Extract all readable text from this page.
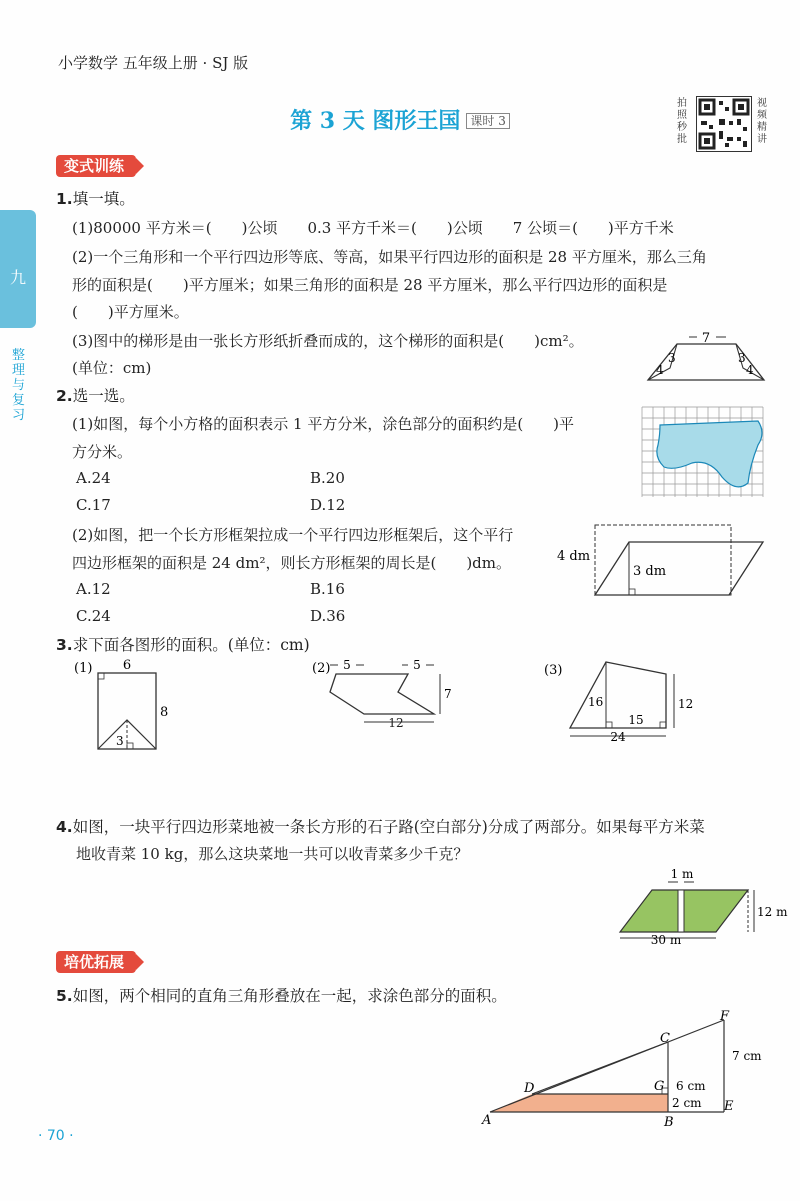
小学数学 五年级上册 · SJ 版
第 3 天 图形王国 $^{课时 3}$
拍照秒批
视频精讲
九
整理与复习
变式训练
1.填一填。
(1)80000 平方米＝(　　)公顷　　0.3 平方千米＝(　　)公顷　　7 公顷＝(　　)平方千米
(2)一个三角形和一个平行四边形等底、等高，如果平行四边形的面积是 28 平方厘米，那么三角
形的面积是(　　)平方厘米；如果三角形的面积是 28 平方厘米，那么平行四边形的面积是
(　　)平方厘米。
(3)图中的梯形是由一张长方形纸折叠而成的，这个梯形的面积是(　　)cm²。
(单位：cm)
7
4
3	3
4
2.选一选。
(1)如图，每个小方格的面积表示 1 平方分米，涂色部分的面积约是(　　)平
方分米。
A.24	B.20
C.17	D.12
(2)如图，把一个长方形框架拉成一个平行四边形框架后，这个平行
四边形框架的面积是 24 dm²，则长方形框架的周长是(　　)dm。
A.12	B.16
C.24	D.36
4 dm
3 dm
3.求下面各图形的面积。(单位：cm)
(1) 6
8
3
(2) 5	5
7
12
(3)
16	12
15
24
4.如图，一块平行四边形菜地被一条长方形的石子路(空白部分)分成了两部分。如果每平方米菜
地收青菜 10 kg，那么这块菜地一共可以收青菜多少千克？
1 m
12 m
30 m
培优拓展
5.如图，两个相同的直角三角形叠放在一起，求涂色部分的面积。
A	B
C
D
E
F
G
7 cm
6 cm
2 cm
· 70 ·
